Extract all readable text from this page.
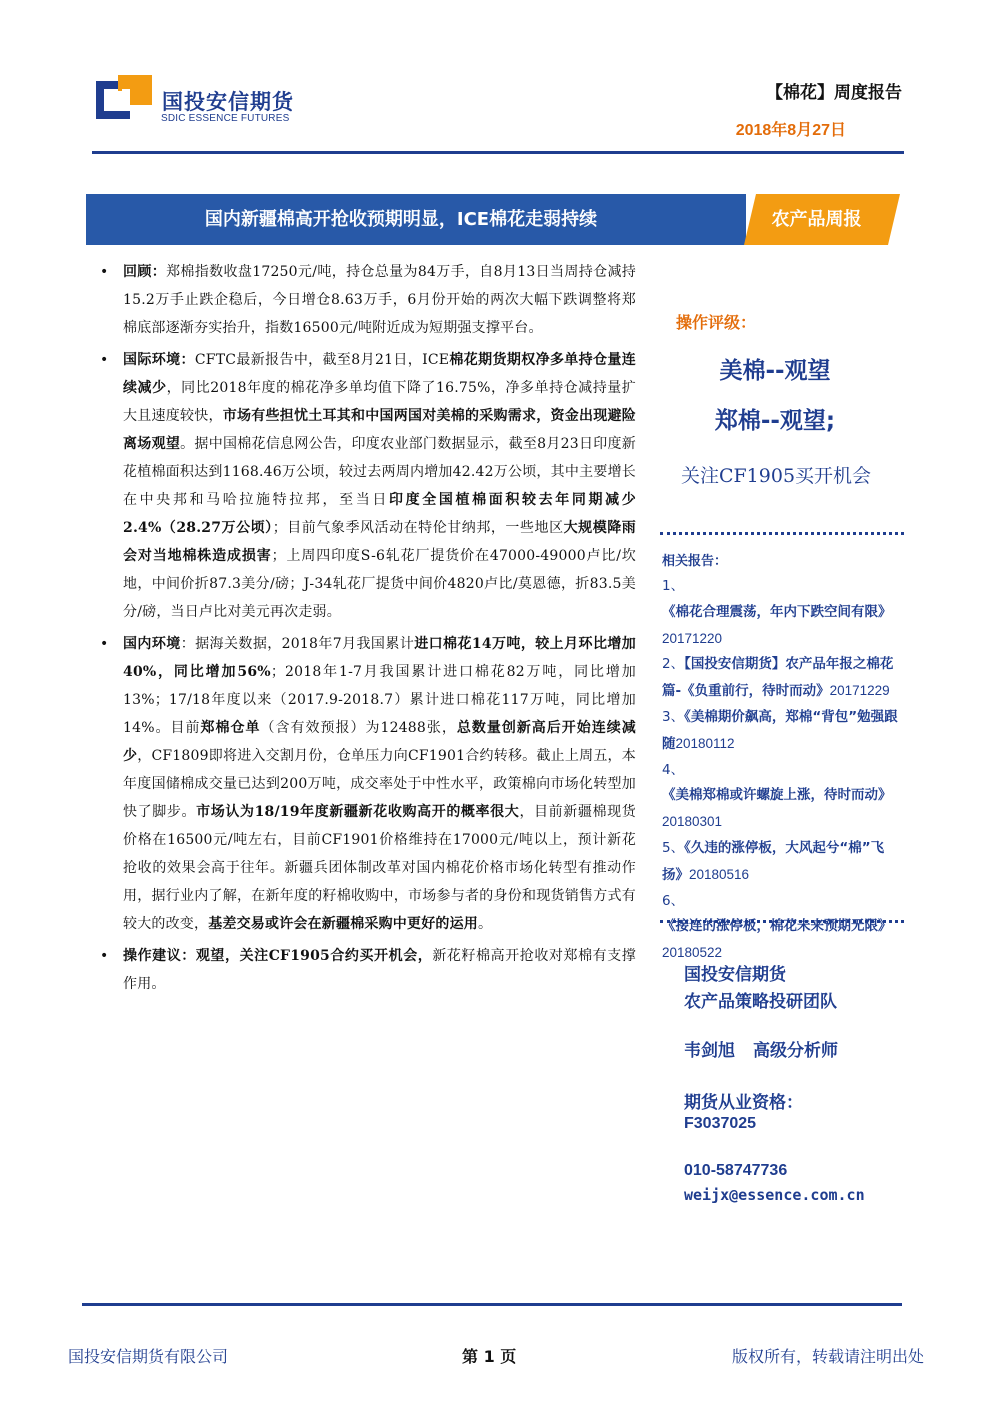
国投安信期货
SDIC ESSENCE FUTURES
【棉花】周度报告
2018年8月27日
国内新疆棉高开抢收预期明显，ICE棉花走弱持续	农产品周报

• 回顾：郑棉指数收盘17250元/吨，持仓总量为84万手，自8月13日当周持仓减持15.2万手止跌企稳后，今日增仓8.63万手，6月份开始的两次大幅下跌调整将郑棉底部逐渐夯实抬升，指数16500元/吨附近成为短期强支撑平台。

• 国际环境：CFTC最新报告中，截至8月21日，ICE棉花期货期权净多单持仓量连续减少，同比2018年度的棉花净多单均值下降了16.75%，净多单持仓减持量扩大且速度较快，市场有些担忧土耳其和中国两国对美棉的采购需求，资金出现避险离场观望。据中国棉花信息网公告，印度农业部门数据显示，截至8月23日印度新花植棉面积达到1168.46万公顷，较过去两周内增加42.42万公顷，其中主要增长在中央邦和马哈拉施特拉邦，至当日印度全国植棉面积较去年同期减少2.4%（28.27万公顷）；目前气象季风活动在特伦甘纳邦，一些地区大规模降雨会对当地棉株造成损害；上周四印度S-6轧花厂提货价在47000-49000卢比/坎地，中间价折87.3美分/磅；J-34轧花厂提货中间价4820卢比/莫恩德，折83.5美分/磅，当日卢比对美元再次走弱。

• 国内环境：据海关数据，2018年7月我国累计进口棉花14万吨，较上月环比增加40%，同比增加56%；2018年1-7月我国累计进口棉花82万吨，同比增加13%；17/18年度以来（2017.9-2018.7）累计进口棉花117万吨，同比增加14%。目前郑棉仓单（含有效预报）为12488张，总数量创新高后开始连续减少，CF1809即将进入交割月份，仓单压力向CF1901合约转移。截止上周五，本年度国储棉成交量已达到200万吨，成交率处于中性水平，政策棉向市场化转型加快了脚步。市场认为18/19年度新疆新花收购高开的概率很大，目前新疆棉现货价格在16500元/吨左右，目前CF1901价格维持在17000元/吨以上，预计新花抢收的效果会高于往年。新疆兵团体制改革对国内棉花价格市场化转型有推动作用，据行业内了解，在新年度的籽棉收购中，市场参与者的身份和现货销售方式有较大的改变，基差交易或许会在新疆棉采购中更好的运用。

• 操作建议：观望，关注CF1905合约买开机会，新花籽棉高开抢收对郑棉有支撑作用。

操作评级：
美棉--观望
郑棉--观望;
关注CF1905买开机会
相关报告：
1、《棉花合理震荡，年内下跌空间有限》20171220
2、【国投安信期货】农产品年报之棉花篇-《负重前行，待时而动》20171229
3、《美棉期价飙高，郑棉“背包”勉强跟随20180112
4、《美棉郑棉或许螺旋上涨，待时而动》20180301
5、《久违的涨停板，大风起兮“棉”飞扬》20180516
6、《接连的涨停板，棉花未来预期无限》20180522
国投安信期货
农产品策略投研团队
韦剑旭 高级分析师
期货从业资格：
F3037025
010-58747736
weijx@essence.com.cn
国投安信期货有限公司	第 1 页	版权所有，转载请注明出处
